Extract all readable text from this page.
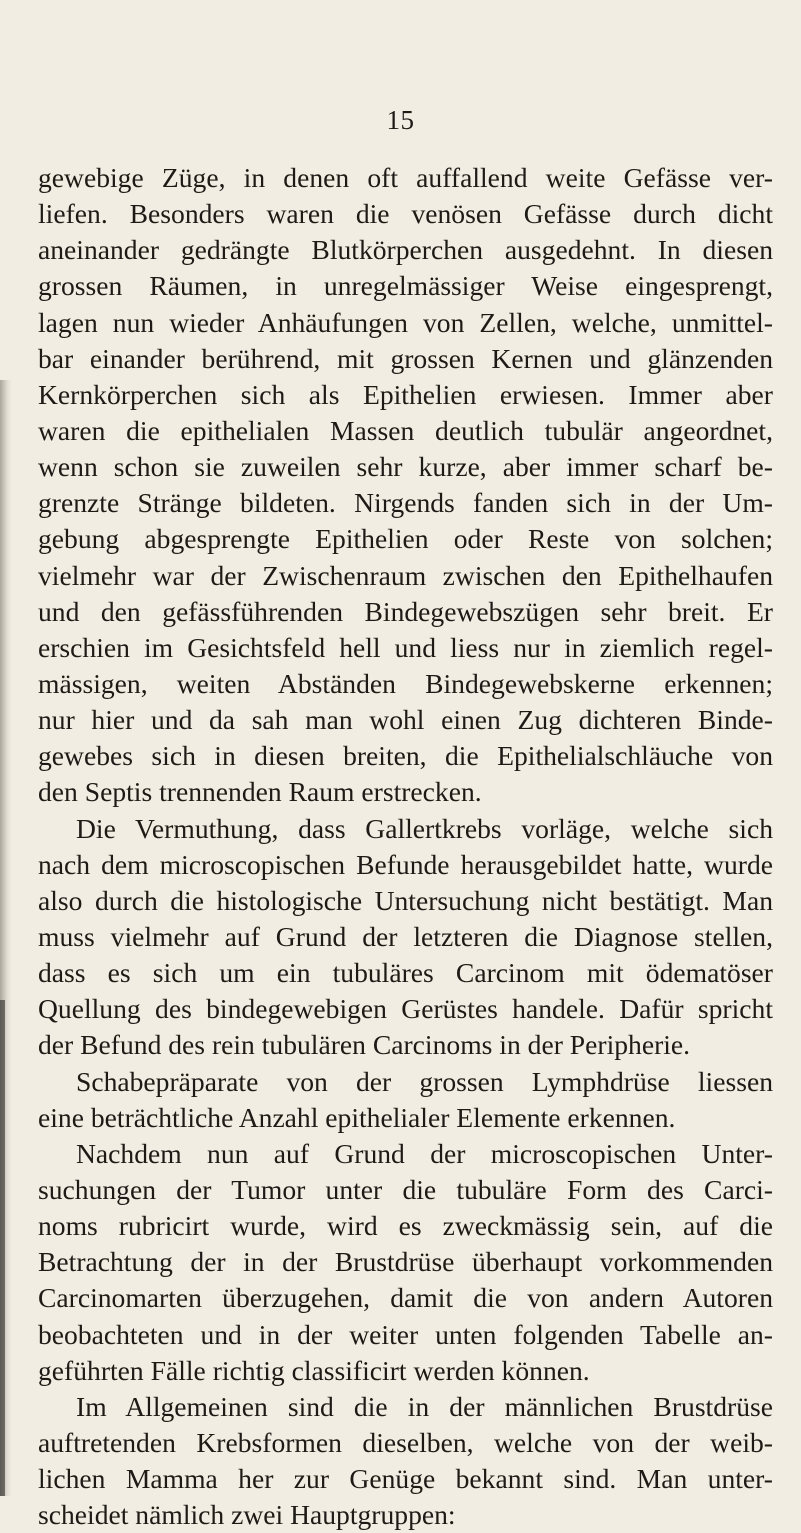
15
gewebige Züge, in denen oft auffallend weite Gefässe ver-
liefen. Besonders waren die venösen Gefässe durch dicht
aneinander gedrängte Blutkörperchen ausgedehnt. In diesen
grossen Räumen, in unregelmässiger Weise eingesprengt,
lagen nun wieder Anhäufungen von Zellen, welche, unmittel-
bar einander berührend, mit grossen Kernen und glänzenden
Kernkörperchen sich als Epithelien erwiesen. Immer aber
waren die epithelialen Massen deutlich tubulär angeordnet,
wenn schon sie zuweilen sehr kurze, aber immer scharf be-
grenzte Stränge bildeten. Nirgends fanden sich in der Um-
gebung abgesprengte Epithelien oder Reste von solchen;
vielmehr war der Zwischenraum zwischen den Epithelhaufen
und den gefässführenden Bindegewebszügen sehr breit. Er
erschien im Gesichtsfeld hell und liess nur in ziemlich regel-
mässigen, weiten Abständen Bindegewebskerne erkennen;
nur hier und da sah man wohl einen Zug dichteren Binde-
gewebes sich in diesen breiten, die Epithelialschläuche von
den Septis trennenden Raum erstrecken.
Die Vermuthung, dass Gallertkrebs vorläge, welche sich
nach dem microscopischen Befunde herausgebildet hatte, wurde
also durch die histologische Untersuchung nicht bestätigt. Man
muss vielmehr auf Grund der letzteren die Diagnose stellen,
dass es sich um ein tubuläres Carcinom mit ödematöser
Quellung des bindegewebigen Gerüstes handele. Dafür spricht
der Befund des rein tubulären Carcinoms in der Peripherie.
Schabepräparate von der grossen Lymphdrüse liessen
eine beträchtliche Anzahl epithelialer Elemente erkennen.
Nachdem nun auf Grund der microscopischen Unter-
suchungen der Tumor unter die tubuläre Form des Carci-
noms rubricirt wurde, wird es zweckmässig sein, auf die
Betrachtung der in der Brustdrüse überhaupt vorkommenden
Carcinomarten überzugehen, damit die von andern Autoren
beobachteten und in der weiter unten folgenden Tabelle an-
geführten Fälle richtig classificirt werden können.
Im Allgemeinen sind die in der männlichen Brustdrüse
auftretenden Krebsformen dieselben, welche von der weib-
lichen Mamma her zur Genüge bekannt sind. Man unter-
scheidet nämlich zwei Hauptgruppen:
